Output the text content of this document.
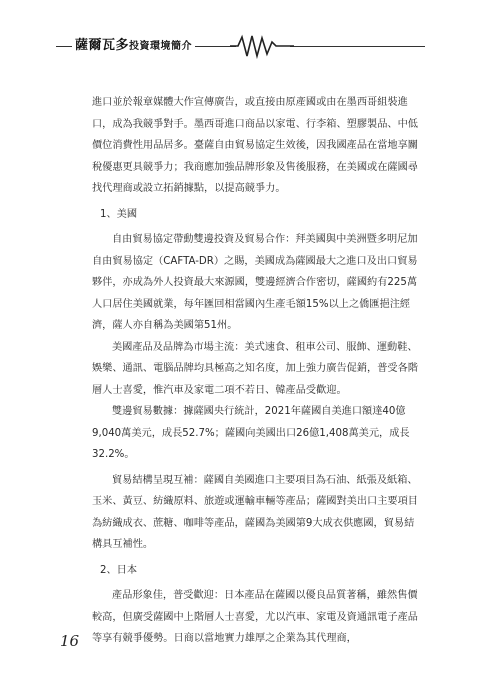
薩爾瓦多投資環境簡介

進口並於報章媒體大作宣傳廣告，或直接由原產國或由在墨西哥組裝進口，成為我競爭對手。墨西哥進口商品以家電、行李箱、塑膠製品、中低價位消費性用品居多。臺薩自由貿易協定生效後，因我國產品在當地享關稅優惠更具競爭力；我商應加強品牌形象及售後服務，在美國或在薩國尋找代理商或設立拓銷據點，以提高競爭力。

1、美國

自由貿易協定帶動雙邊投資及貿易合作：拜美國與中美洲暨多明尼加自由貿易協定（CAFTA-DR）之賜，美國成為薩國最大之進口及出口貿易夥伴，亦成為外人投資最大來源國，雙邊經濟合作密切，薩國約有225萬人口居住美國就業，每年匯回相當國內生產毛額15%以上之僑匯挹注經濟，薩人亦自稱為美國第51州。

美國產品及品牌為市場主流：美式速食、租車公司、服飾、運動鞋、娛樂、通訊、電腦品牌均具極高之知名度，加上強力廣告促銷，普受各階層人士喜愛，惟汽車及家電二項不若日、韓產品受歡迎。

雙邊貿易數據：據薩國央行統計，2021年薩國自美進口額達40億9,040萬美元，成長52.7%；薩國向美國出口26億1,408萬美元，成長32.2%。

貿易結構呈現互補：薩國自美國進口主要項目為石油、紙張及紙箱、玉米、黃豆、紡織原料、旅遊或運輸車輛等產品；薩國對美出口主要項目為紡織成衣、蔗糖、咖啡等產品，薩國為美國第9大成衣供應國，貿易結構具互補性。

2、日本

產品形象佳，普受歡迎：日本產品在薩國以優良品質著稱，雖然售價較高，但廣受薩國中上階層人士喜愛，尤以汽車、家電及資通訊電子產品等享有競爭優勢。日商以當地實力雄厚之企業為其代理商，

16
